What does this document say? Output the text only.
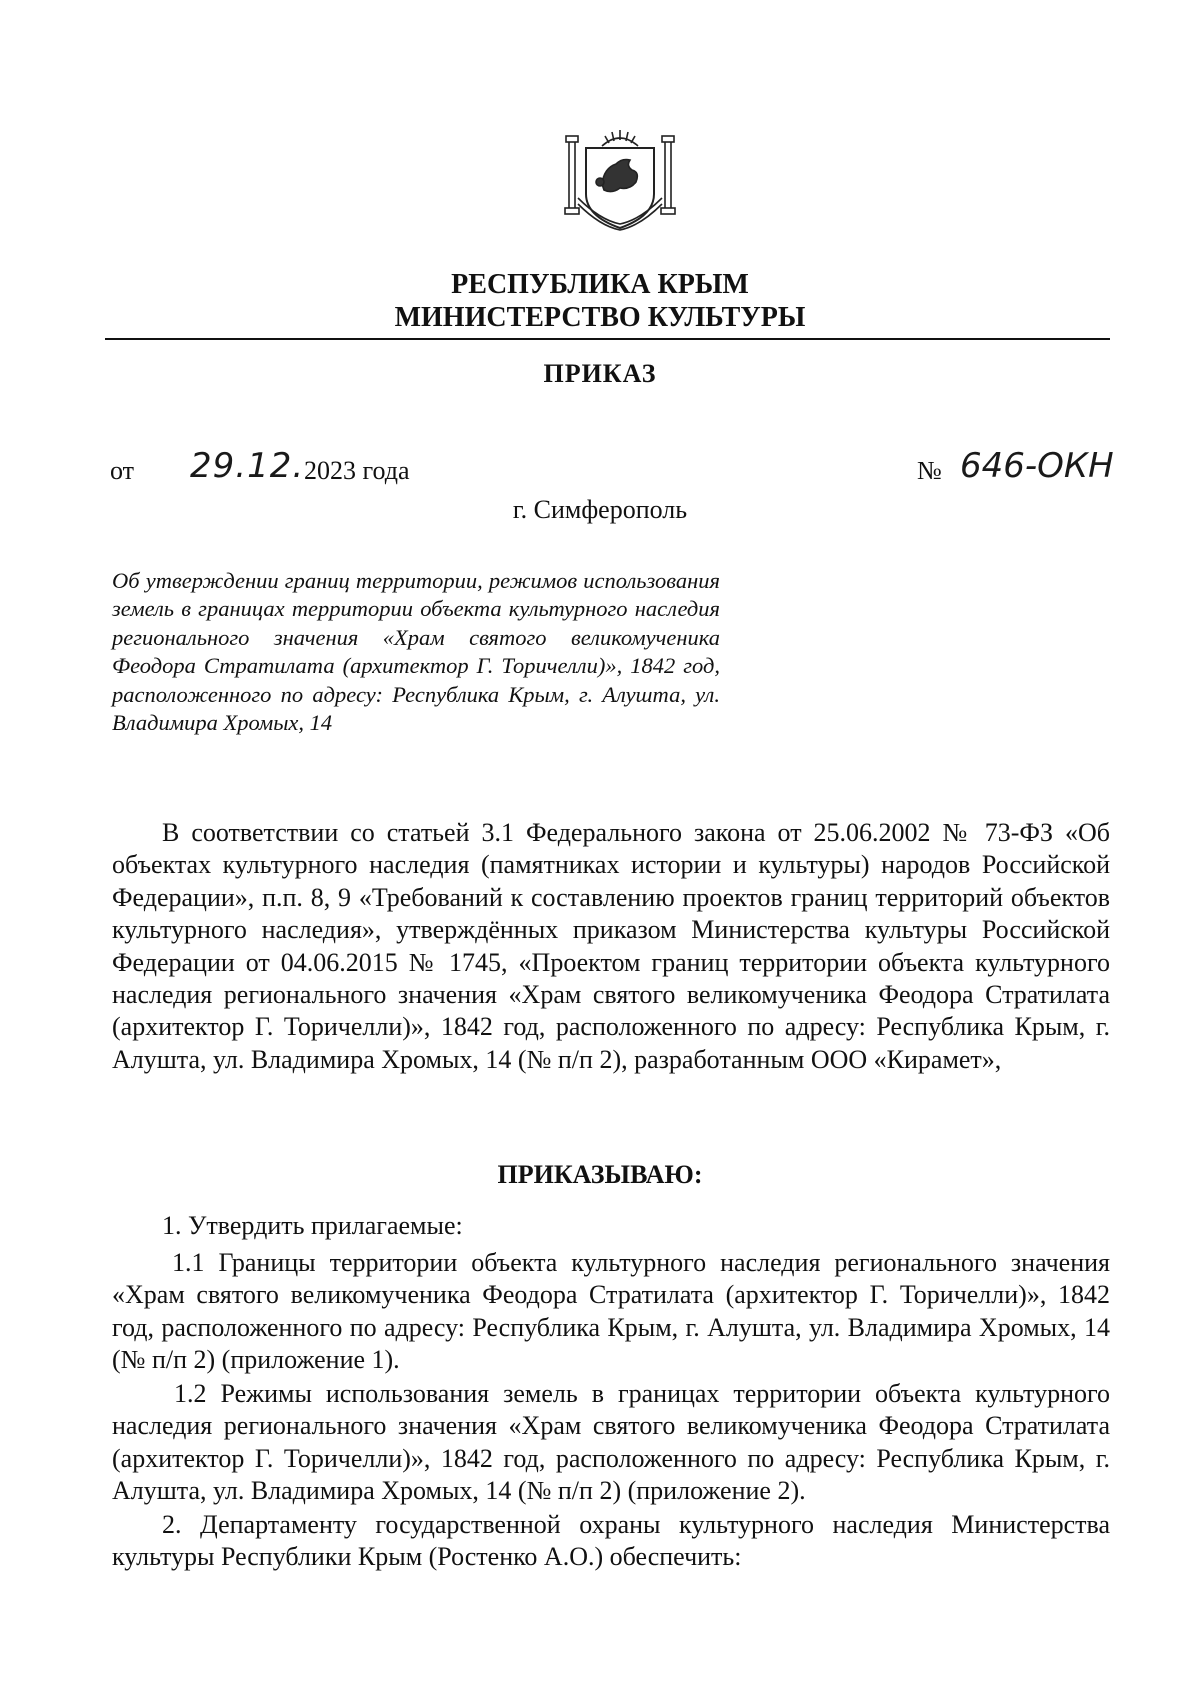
РЕСПУБЛИКА КРЫМ
МИНИСТЕРСТВО КУЛЬТУРЫ
ПРИКАЗ
от 29.12. 2023 года	№ 646-ОКН
г. Симферополь
Об утверждении границ территории, режимов использования земель в границах территории объекта культурного наследия регионального значения «Храм святого великомученика Феодора Стратилата (архитектор Г. Торичелли)», 1842 год, расположенного по адресу: Республика Крым, г. Алушта, ул. Владимира Хромых, 14
В соответствии со статьей 3.1 Федерального закона от 25.06.2002 № 73-ФЗ «Об объектах культурного наследия (памятниках истории и культуры) народов Российской Федерации», п.п. 8, 9 «Требований к составлению проектов границ территорий объектов культурного наследия», утверждённых приказом Министерства культуры Российской Федерации от 04.06.2015 № 1745, «Проектом границ территории объекта культурного наследия регионального значения «Храм святого великомученика Феодора Стратилата (архитектор Г. Торичелли)», 1842 год, расположенного по адресу: Республика Крым, г. Алушта, ул. Владимира Хромых, 14 (№ п/п 2), разработанным ООО «Кирамет»,
ПРИКАЗЫВАЮ:
1. Утвердить прилагаемые:
1.1 Границы территории объекта культурного наследия регионального значения «Храм святого великомученика Феодора Стратилата (архитектор Г. Торичелли)», 1842 год, расположенного по адресу: Республика Крым, г. Алушта, ул. Владимира Хромых, 14 (№ п/п 2) (приложение 1).
1.2 Режимы использования земель в границах территории объекта культурного наследия регионального значения «Храм святого великомученика Феодора Стратилата (архитектор Г. Торичелли)», 1842 год, расположенного по адресу: Республика Крым, г. Алушта, ул. Владимира Хромых, 14 (№ п/п 2) (приложение 2).
2. Департаменту государственной охраны культурного наследия Министерства культуры Республики Крым (Ростенко А.О.) обеспечить:
